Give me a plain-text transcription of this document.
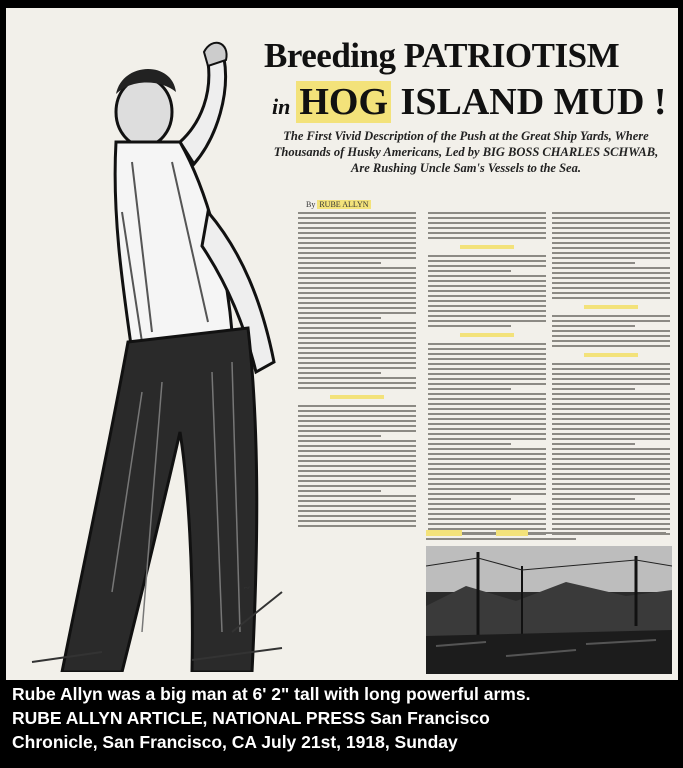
~
Breeding PATRIOTISM
in HOG ISLAND MUD !
The First Vivid Description of the Push at the Great Ship Yards, Where Thousands of Husky Americans, Led by BIG BOSS CHARLES SCHWAB, Are Rushing Uncle Sam's Vessels to the Sea.
By RUBE ALLYN
Rube Allyn was a big man at 6' 2" tall with long powerful arms.
RUBE ALLYN ARTICLE, NATIONAL PRESS San Francisco
Chronicle, San Francisco, CA July 21st, 1918, Sunday
